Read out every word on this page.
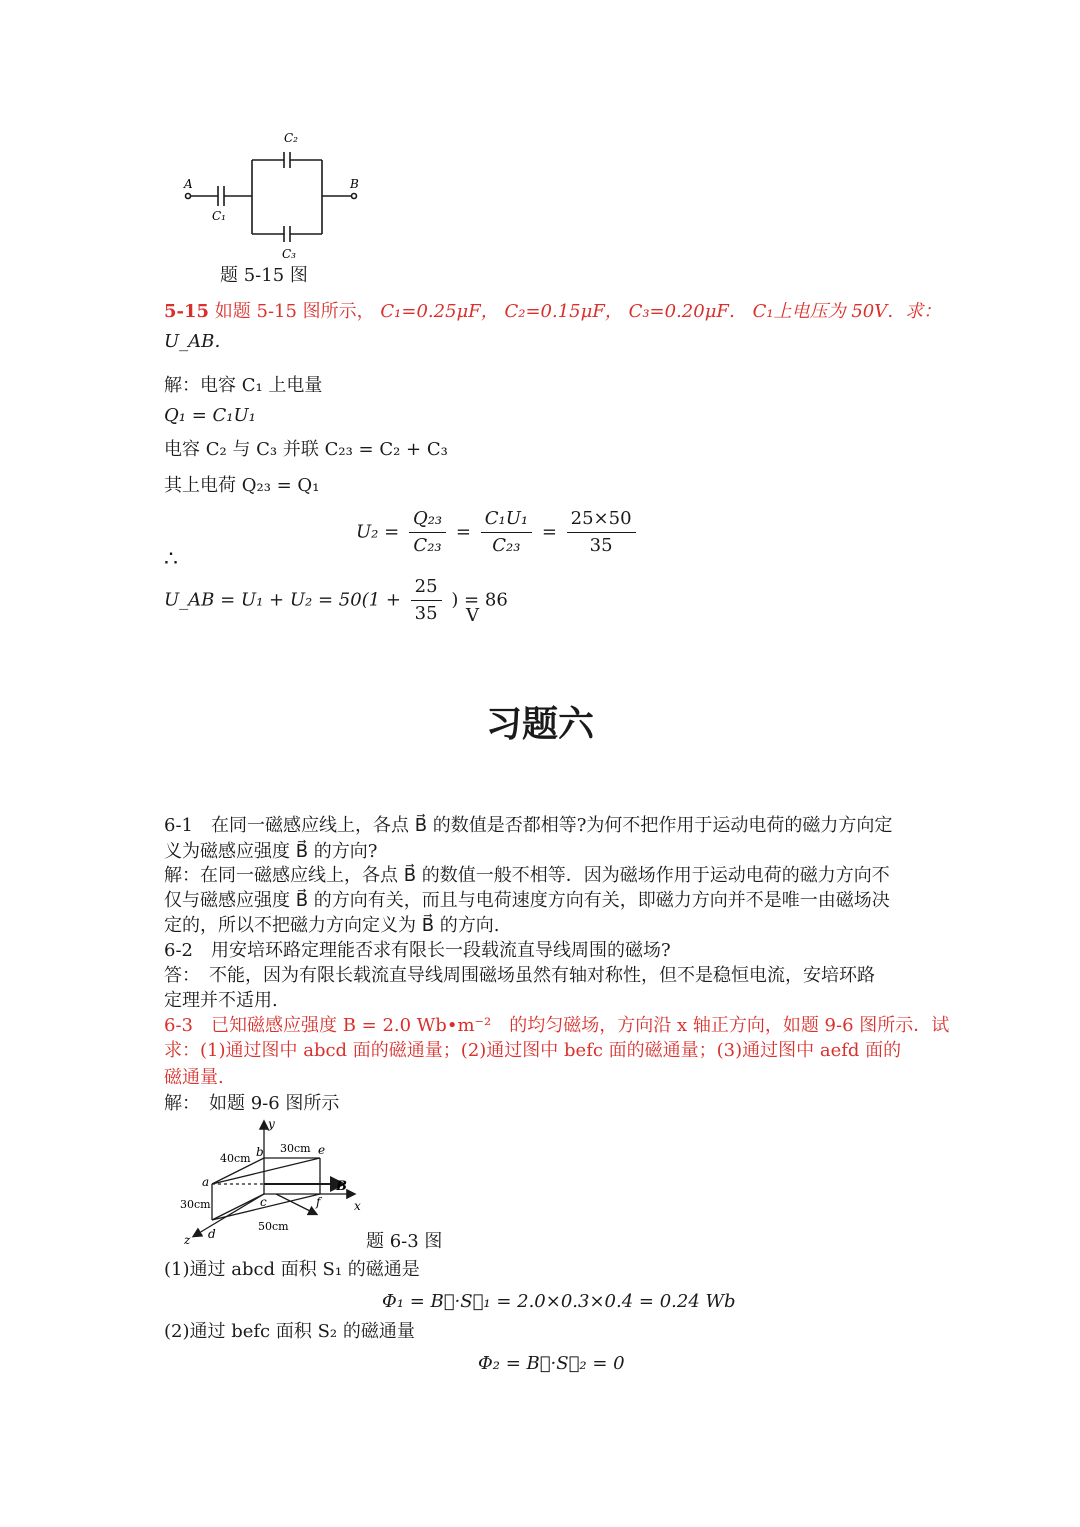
A	B
C₁
C₂
C₃
题 5-15 图
5-15 如题 5-15 图所示， C₁=0.25μF， C₂=0.15μF， C₃=0.20μF． C₁上电压为 50V．求：
U_AB．
解：电容 C₁ 上电量
Q₁ = C₁U₁
电容 C₂ 与 C₃ 并联 C₂₃ = C₂ + C₃
其上电荷 Q₂₃ = Q₁
$U_2 = \frac{\text{Q₂₃}}{\text{C₂₃}} = \frac{\text{C₁U₁}}{\text{C₂₃}} = \frac{25\times 50}{35}$
∴
U_AB = $U_1 + U_2 = 50(1 + \frac{25}{35}$ ) = 86
V
习题六
6-1　在同一磁感应线上，各点 B⃗ 的数值是否都相等?为何不把作用于运动电荷的磁力方向定
义为磁感应强度 B⃗ 的方向?
解：在同一磁感应线上，各点 B⃗ 的数值一般不相等．因为磁场作用于运动电荷的磁力方向不
仅与磁感应强度 B⃗ 的方向有关，而且与电荷速度方向有关，即磁力方向并不是唯一由磁场决
定的，所以不把磁力方向定义为 B⃗ 的方向.
6-2　用安培环路定理能否求有限长一段载流直导线周围的磁场?
答：　不能，因为有限长载流直导线周围磁场虽然有轴对称性，但不是稳恒电流，安培环路
定理并不适用.
6-3　已知磁感应强度 B = 2.0 Wb•m⁻²　的均匀磁场，方向沿 x 轴正方向，如题 9-6 图所示．试
求：(1)通过图中 abcd 面的磁通量；(2)通过图中 befc 面的磁通量；(3)通过图中 aefd 面的
磁通量.
解：　如题 9-6 图所示
y
x
z
B
a
b
c
d
e
f
40cm
30cm
30cm
50cm
题 6-3 图
(1)通过 abcd 面积 S₁ 的磁通是
Φ₁ = B⃗·S⃗₁ = 2.0×0.3×0.4 = 0.24 Wb
(2)通过 befc 面积 S₂ 的磁通量
Φ₂ = B⃗·S⃗₂ = 0
